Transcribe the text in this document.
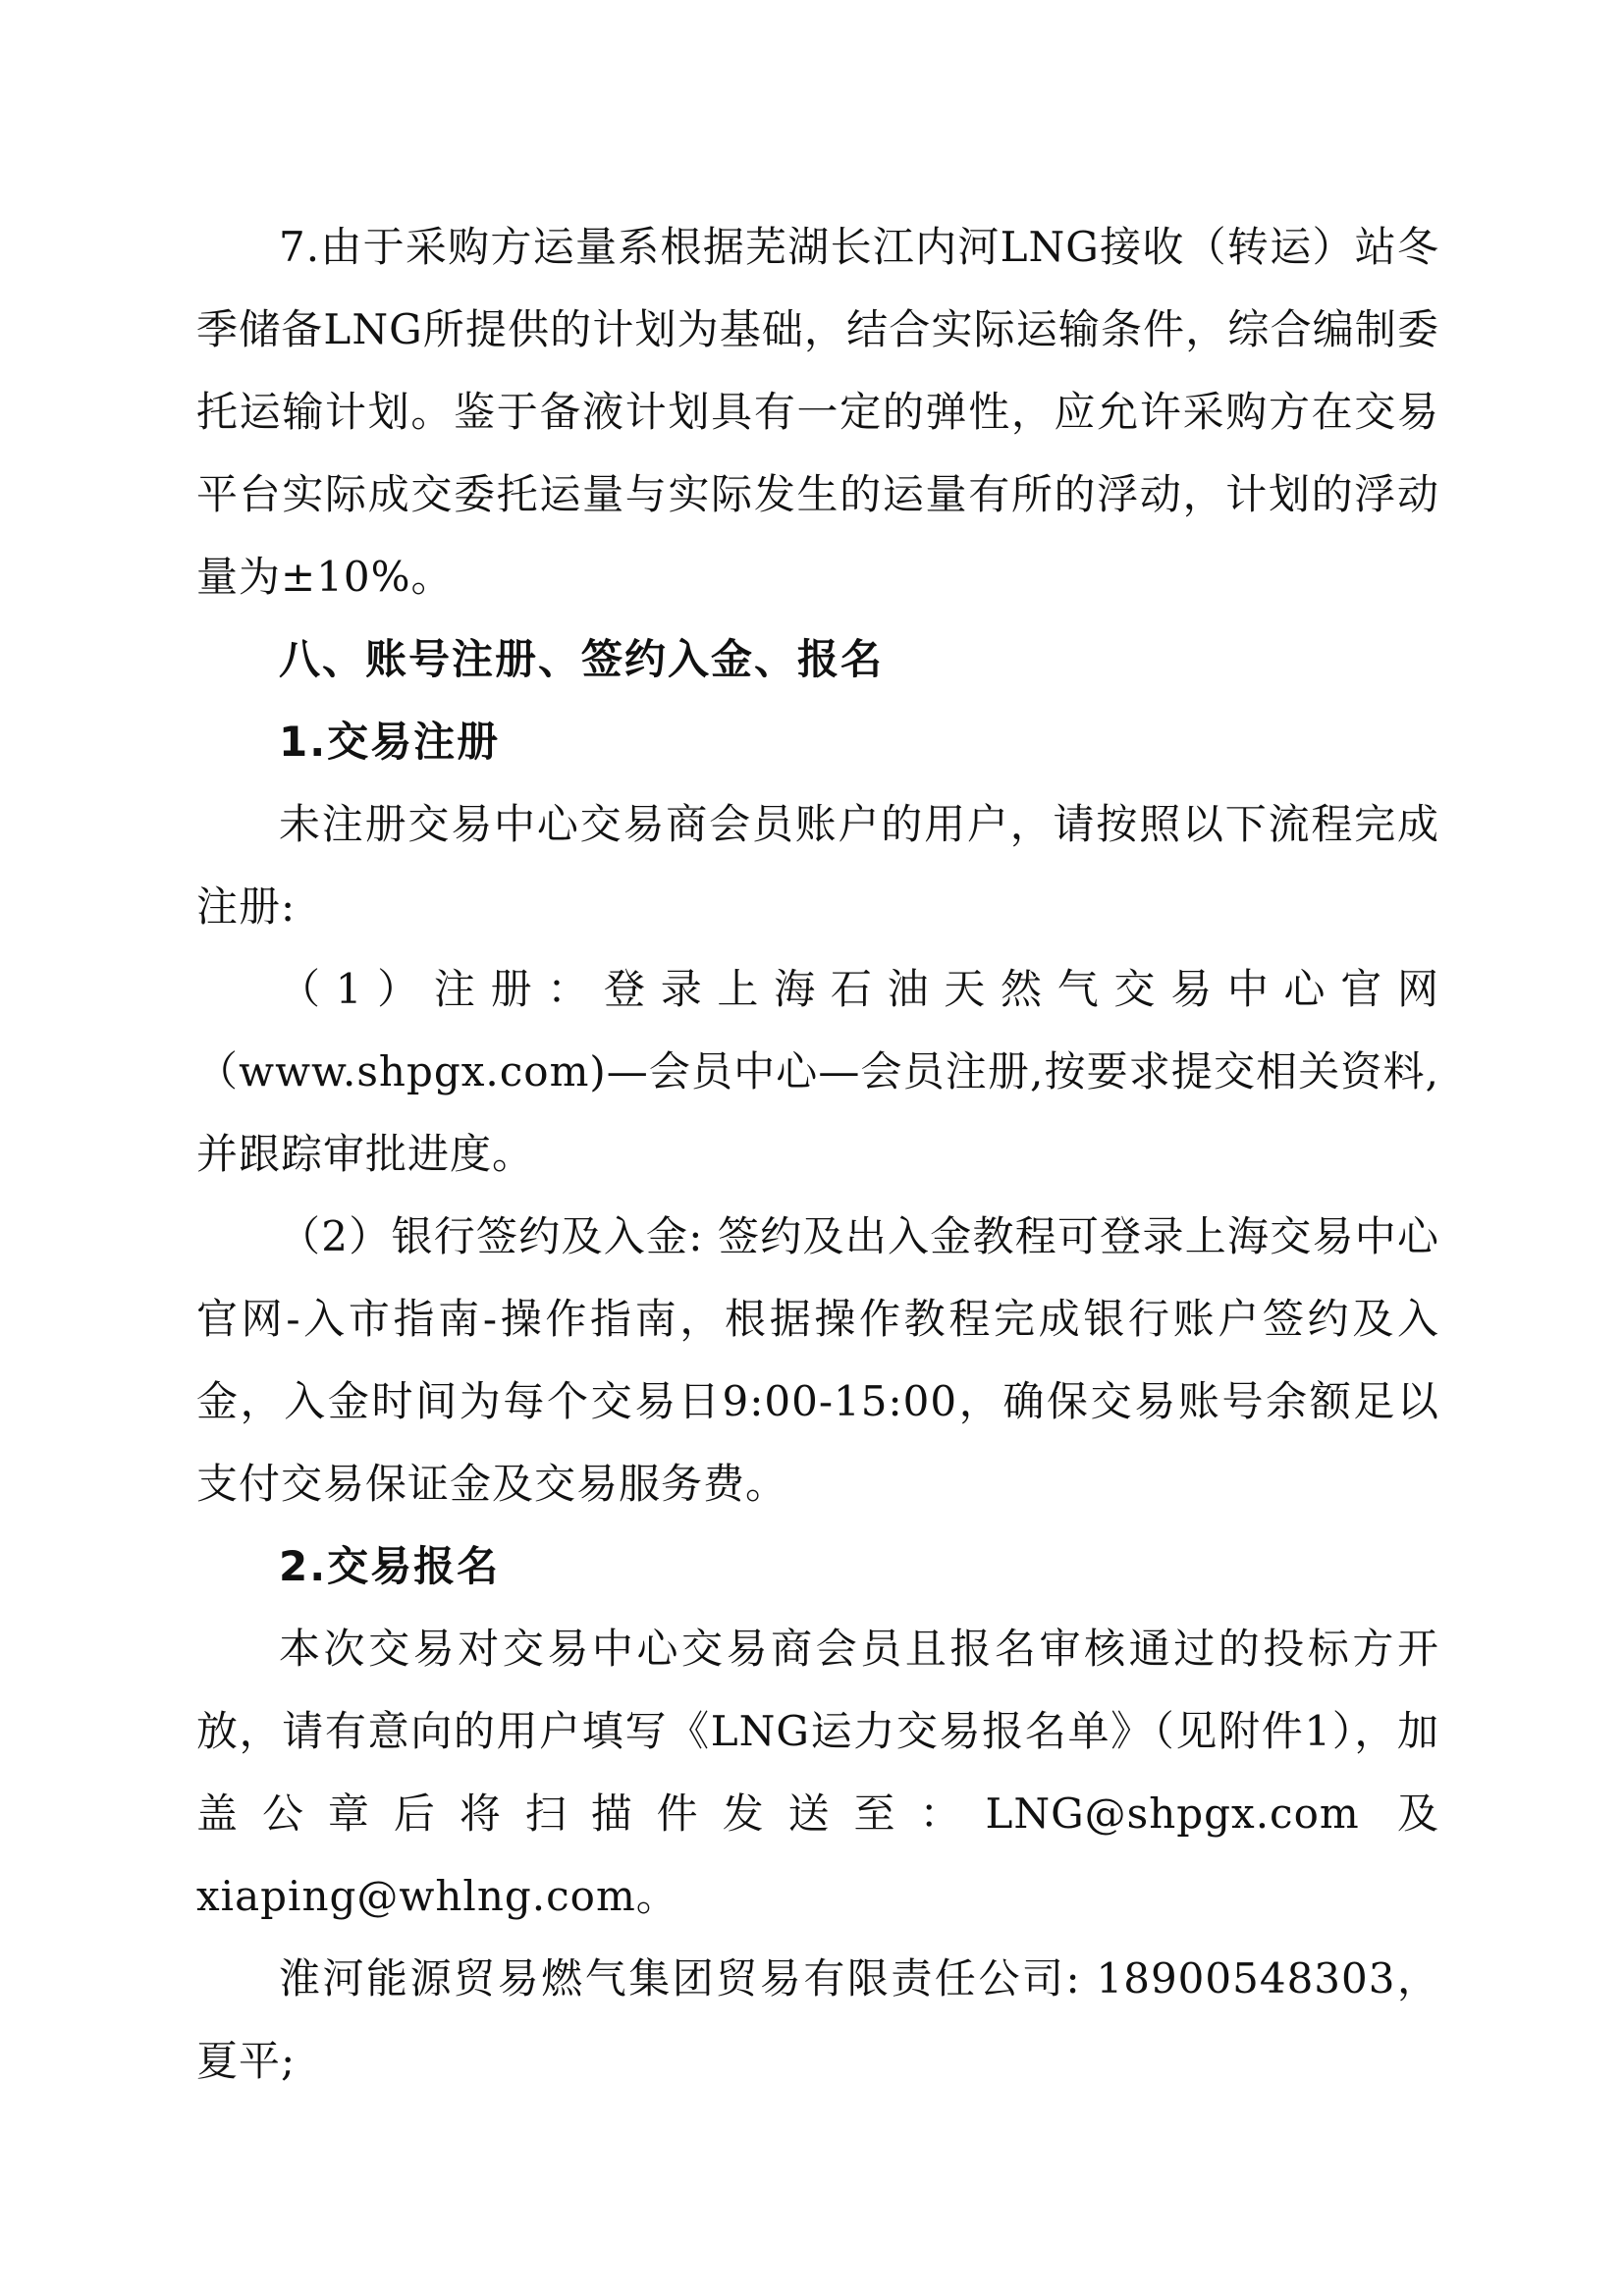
7.由于采购方运量系根据芜湖长江内河LNG接收（转运）站冬季储备LNG所提供的计划为基础，结合实际运输条件，综合编制委托运输计划。鉴于备液计划具有一定的弹性，应允许采购方在交易平台实际成交委托运量与实际发生的运量有所的浮动，计划的浮动量为±10%。

八、账号注册、签约入金、报名

1.交易注册

未注册交易中心交易商会员账户的用户，请按照以下流程完成注册:

（1）注册：登录上海石油天然气交易中心官网（www.shpgx.com)—会员中心—会员注册,按要求提交相关资料,并跟踪审批进度。

（2）银行签约及入金: 签约及出入金教程可登录上海交易中心官网-入市指南-操作指南，根据操作教程完成银行账户签约及入金，入金时间为每个交易日9:00-15:00，确保交易账号余额足以支付交易保证金及交易服务费。

2.交易报名

本次交易对交易中心交易商会员且报名审核通过的投标方开放，请有意向的用户填写《LNG运力交易报名单》（见附件1），加盖公章后将扫描件发送至：LNG@shpgx.com 及 xiaping@whlng.com。

淮河能源贸易燃气集团贸易有限责任公司: 18900548303，夏平;
